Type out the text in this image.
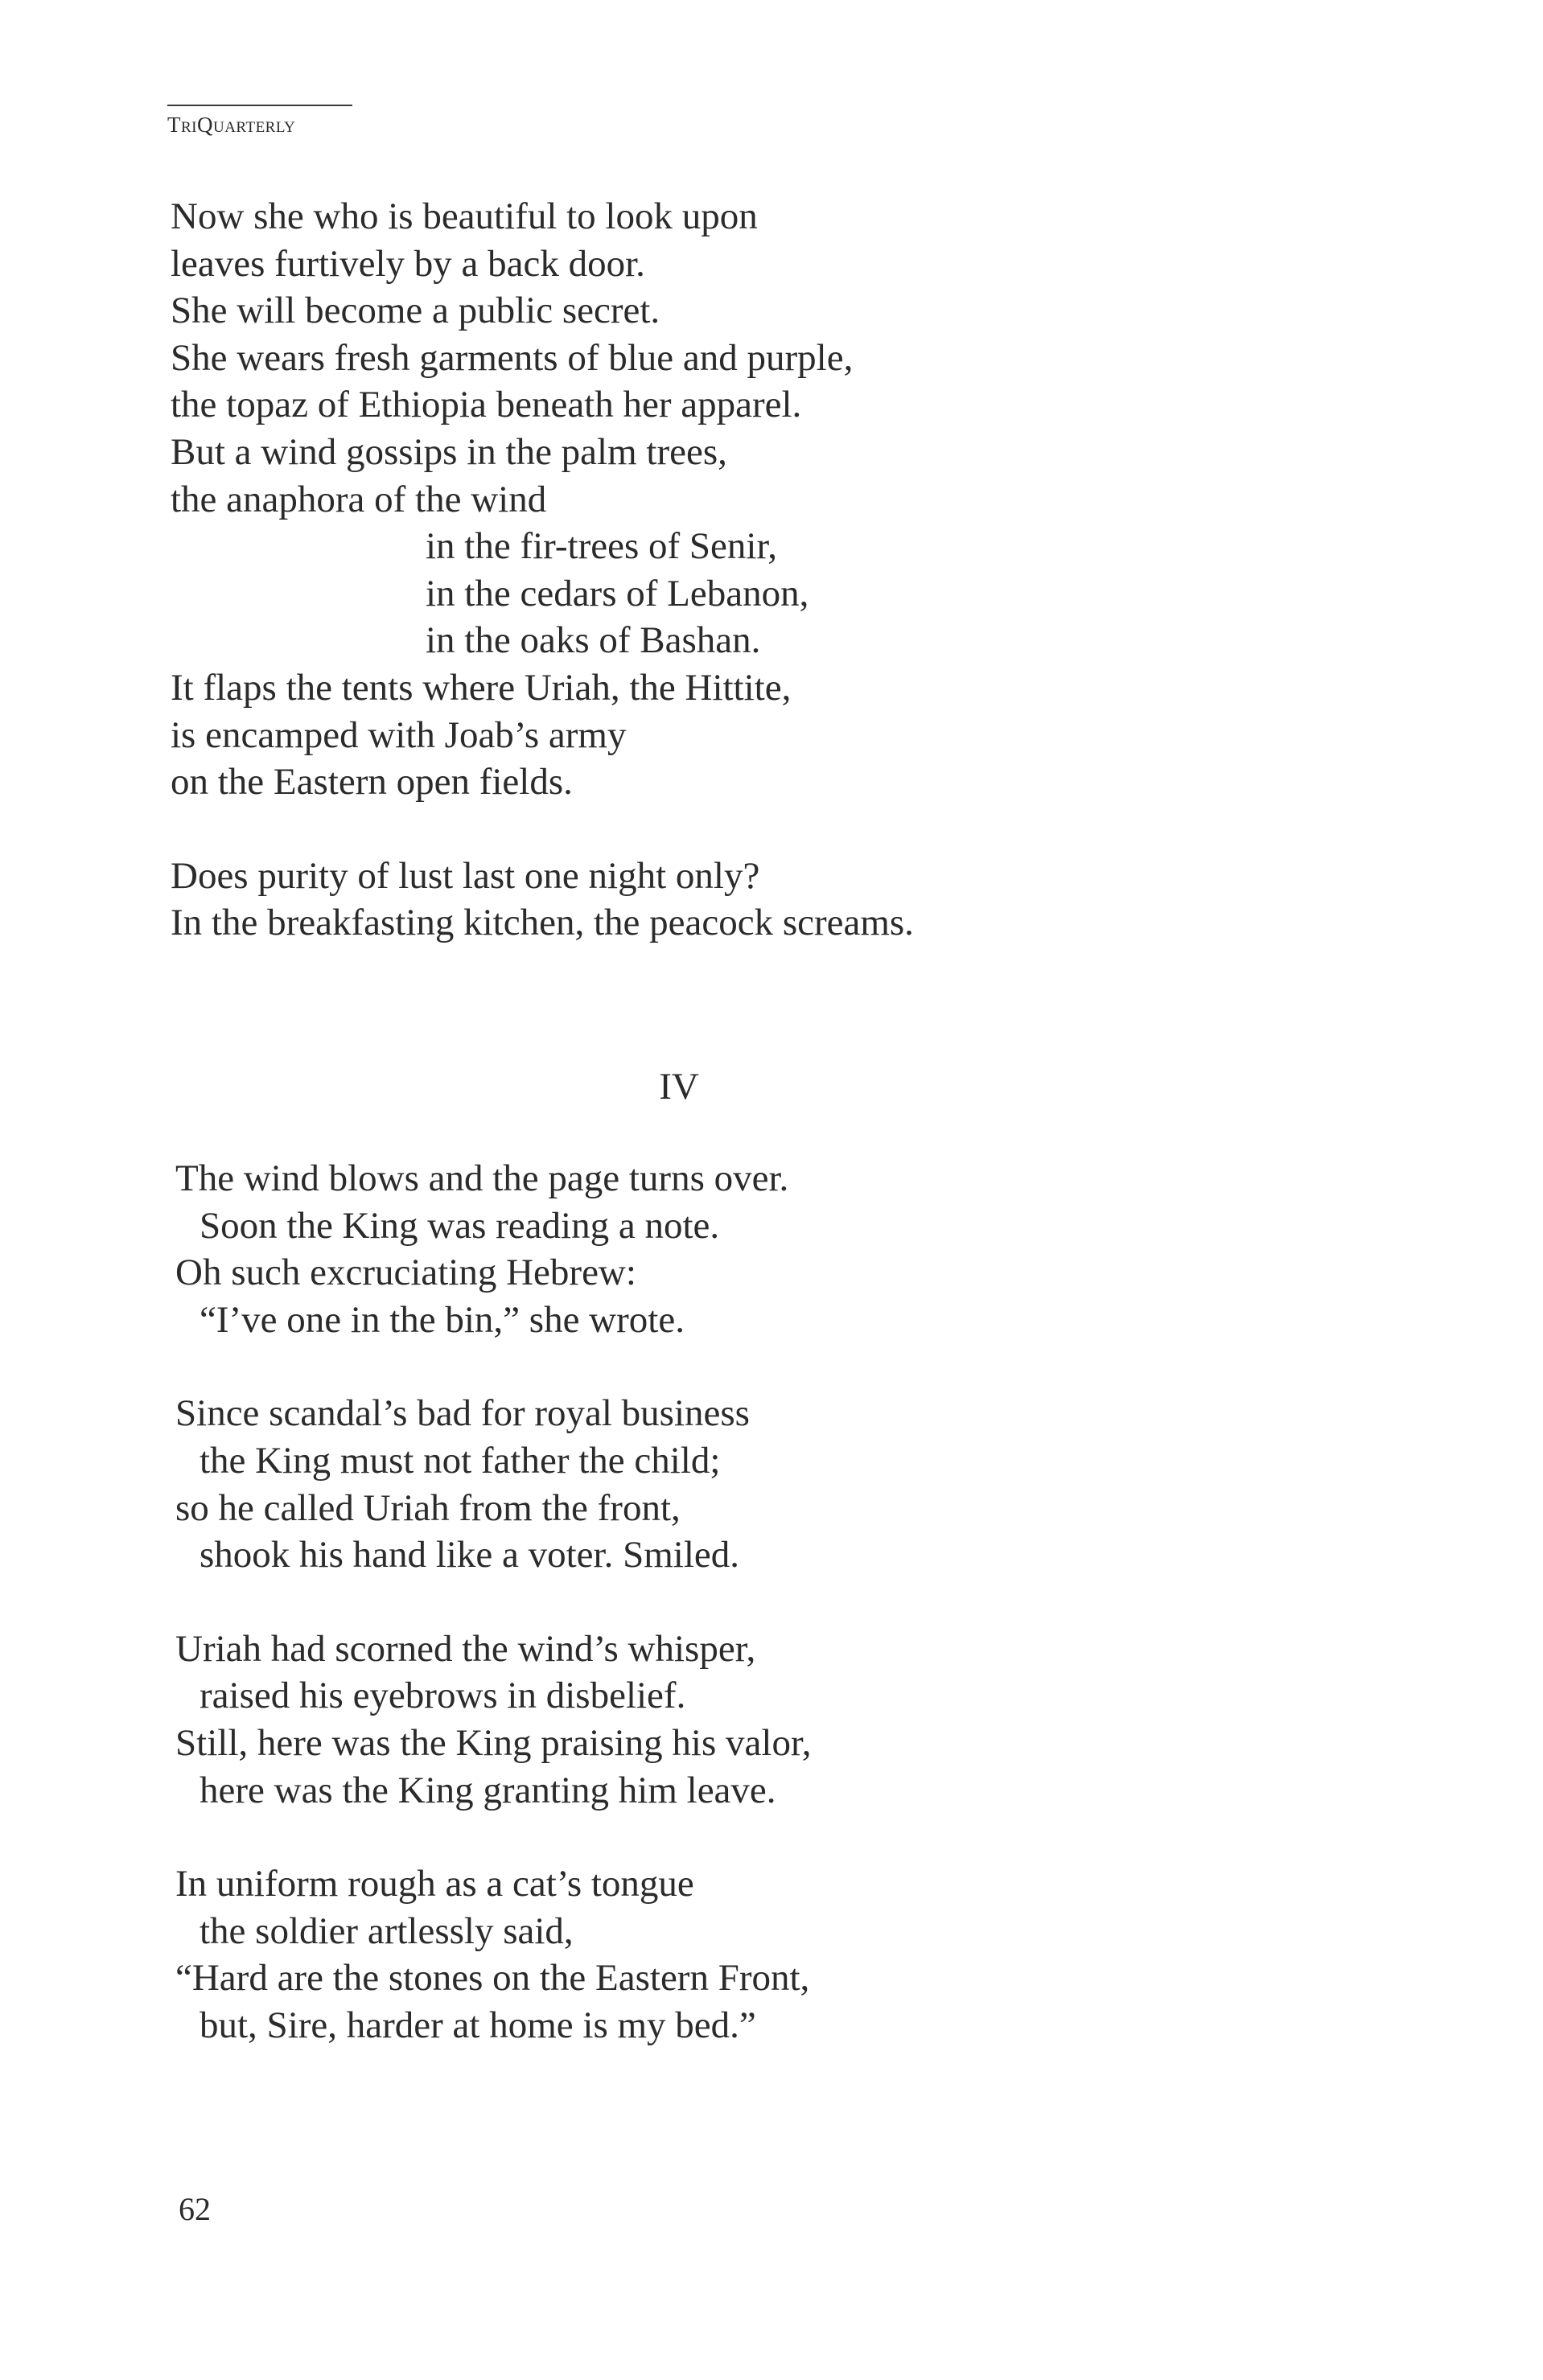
TriQuarterly
Now she who is beautiful to look upon
leaves furtively by a back door.
She will become a public secret.
She wears fresh garments of blue and purple,
the topaz of Ethiopia beneath her apparel.
But a wind gossips in the palm trees,
the anaphora of the wind
in the fir-trees of Senir,
in the cedars of Lebanon,
in the oaks of Bashan.
It flaps the tents where Uriah, the Hittite,
is encamped with Joab’s army
on the Eastern open fields.
Does purity of lust last one night only?
In the breakfasting kitchen, the peacock screams.
IV
The wind blows and the page turns over.
Soon the King was reading a note.
Oh such excruciating Hebrew:
“I’ve one in the bin,” she wrote.
Since scandal’s bad for royal business
the King must not father the child;
so he called Uriah from the front,
shook his hand like a voter. Smiled.
Uriah had scorned the wind’s whisper,
raised his eyebrows in disbelief.
Still, here was the King praising his valor,
here was the King granting him leave.
In uniform rough as a cat’s tongue
the soldier artlessly said,
“Hard are the stones on the Eastern Front,
but, Sire, harder at home is my bed.”
62
